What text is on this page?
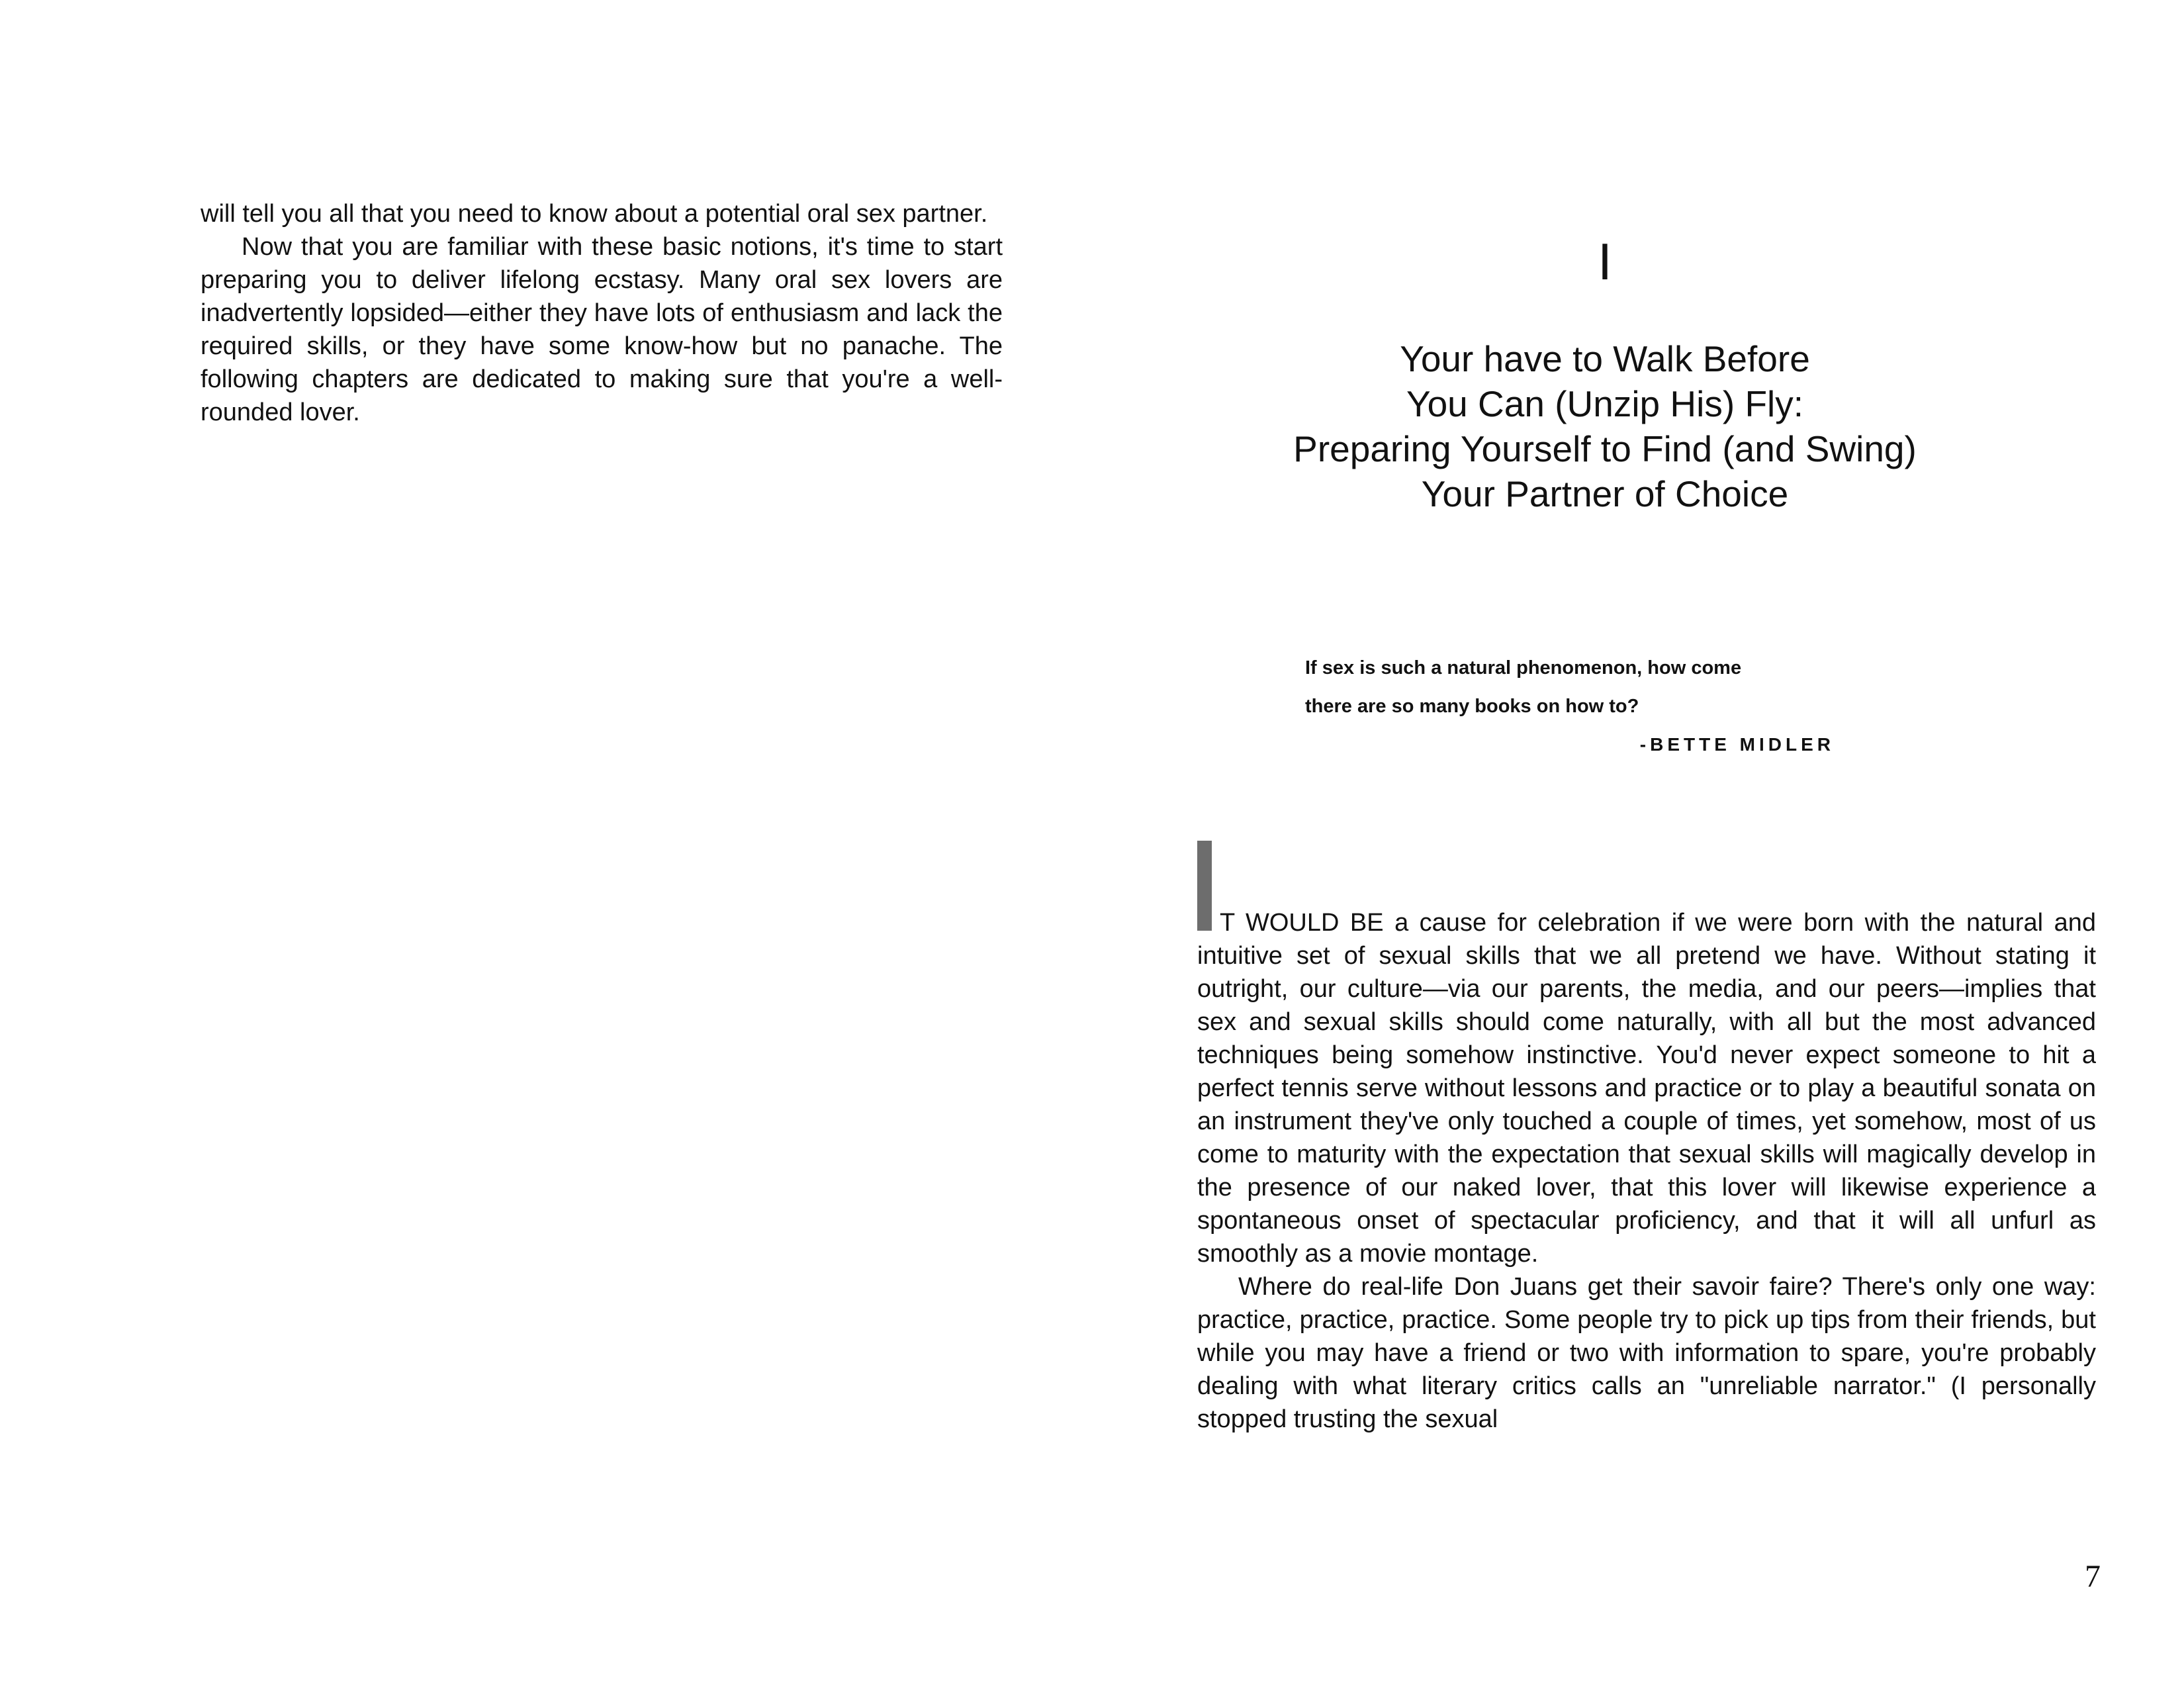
will tell you all that you need to know about a potential oral sex partner.

Now that you are familiar with these basic notions, it's time to start preparing you to deliver lifelong ecstasy. Many oral sex lovers are inadvertently lopsided—either they have lots of enthusiasm and lack the required skills, or they have some know-how but no panache. The following chapters are dedicated to making sure that you're a well-rounded lover.

I
Your have to Walk Before
You Can (Unzip His) Fly:
Preparing Yourself to Find (and Swing)
Your Partner of Choice
If sex is such a natural phenomenon, how come
there are so many books on how to?
-BETTE MIDLER

T WOULD BE a cause for celebration if we were born with the natural and intuitive set of sexual skills that we all pretend we have. Without stating it outright, our culture—via our parents, the media, and our peers—implies that sex and sexual skills should come naturally, with all but the most advanced techniques being somehow instinctive. You'd never expect someone to hit a perfect tennis serve without lessons and practice or to play a beautiful sonata on an instrument they've only touched a couple of times, yet somehow, most of us come to maturity with the expectation that sexual skills will magically develop in the presence of our naked lover, that this lover will likewise experience a spontaneous onset of spectacular proficiency, and that it will all unfurl as smoothly as a movie montage.

Where do real-life Don Juans get their savoir faire? There's only one way: practice, practice, practice. Some people try to pick up tips from their friends, but while you may have a friend or two with information to spare, you're probably dealing with what literary critics calls an "unreliable narrator." (I personally stopped trusting the sexual

7
